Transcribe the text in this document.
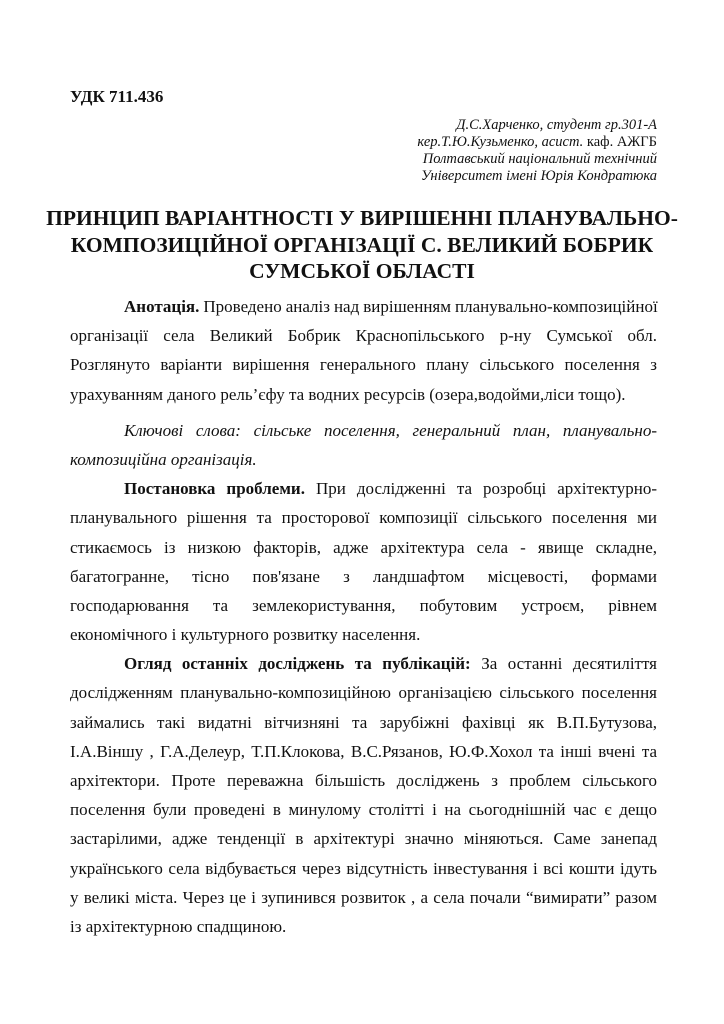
УДК 711.436
Д.С.Харченко, студент гр.301-А
кер.Т.Ю.Кузьменко, асист. каф. АЖГБ
Полтавський національний технічний
Університет імені Юрія Кондратюка
ПРИНЦИП ВАРІАНТНОСТІ У ВИРІШЕННІ ПЛАНУВАЛЬНО-
КОМПОЗИЦІЙНОЇ ОРГАНІЗАЦІЇ С. ВЕЛИКИЙ БОБРИК
СУМСЬКОЇ ОБЛАСТІ
Анотація. Проведено аналіз над вирішенням планувально-композиційної
організації села Великий Бобрик Краснопільського р-ну Сумської обл.
Розглянуто варіанти вирішення генерального плану сільського поселення з
урахуванням даного рель’єфу та водних ресурсів (озера,водойми,ліси тощо).
Ключові слова: сільське поселення, генеральний план, планувально-
композиційна організація.
Постановка проблеми. При дослідженні та розробці архітектурно-
планувального рішення та просторової композиції сільського поселення ми
стикаємось із низкою факторів, адже архітектура села - явище складне,
багатогранне, тісно пов'язане з ландшафтом місцевості, формами
господарювання та землекористування, побутовим устроєм, рівнем
економічного і культурного розвитку населення.
Огляд останніх досліджень та публікацій: За останні десятиліття
дослідженням планувально-композиційною організацією сільського поселення
займались такі видатні вітчизняні та зарубіжні фахівці як В.П.Бутузова,
І.А.Віншу , Г.А.Делеур, Т.П.Клокова, В.С.Рязанов, Ю.Ф.Хохол та інші вчені та
архітектори. Проте переважна більшість досліджень з проблем сільського
поселення були проведені в минулому столітті і на сьогоднішній час є дещо
застарілими, адже тенденції в архітектурі значно міняються. Саме занепад
українського села відбувається через відсутність інвестування і всі кошти ідуть
у великі міста. Через це і зупинився розвиток , а села почали “вимирати” разом
із архітектурною спадщиною.
